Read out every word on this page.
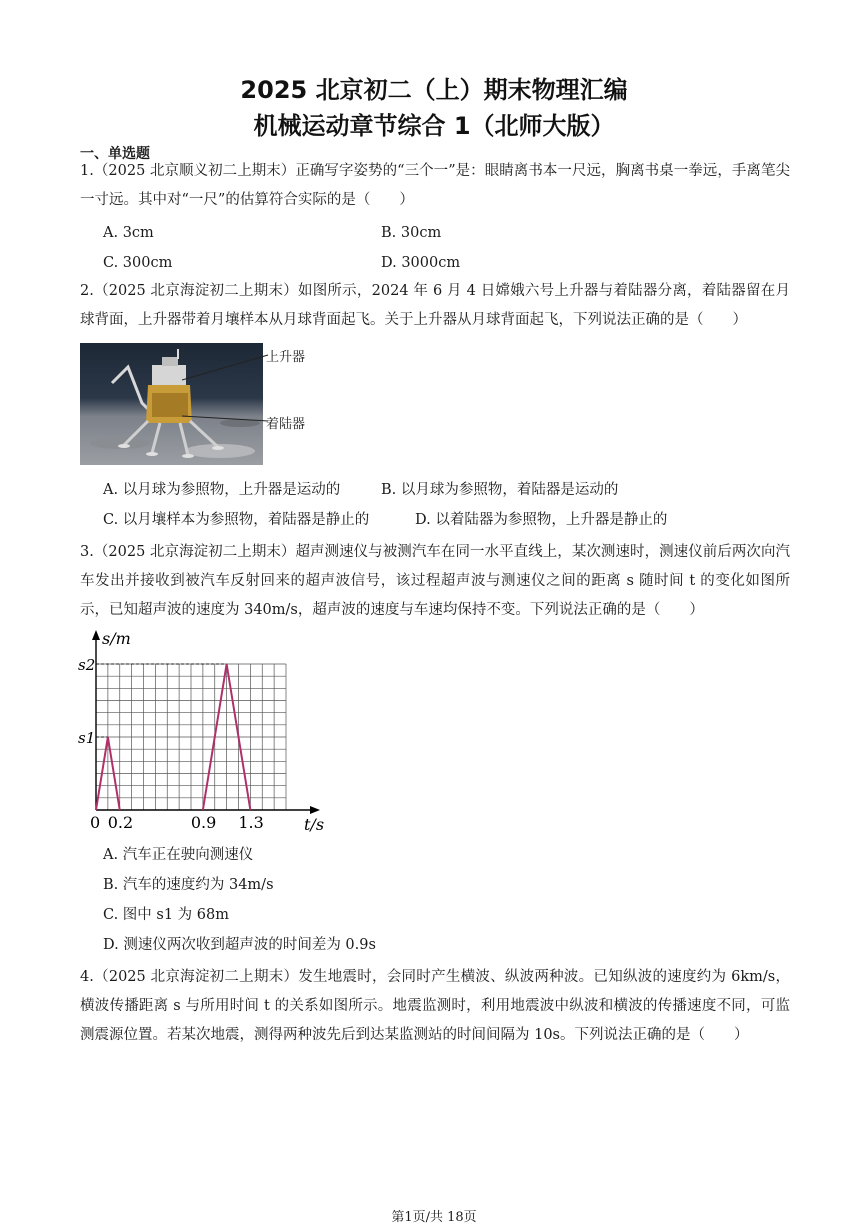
2025 北京初二（上）期末物理汇编
机械运动章节综合 1（北师大版）
一、单选题
1.（2025 北京顺义初二上期末）正确写字姿势的“三个一”是：眼睛离书本一尺远，胸离书桌一拳远，手离笔尖一寸远。其中对“一尺”的估算符合实际的是（　　）
A. 3cm	B. 30cm
C. 300cm	D. 3000cm
2.（2025 北京海淀初二上期末）如图所示，2024 年 6 月 4 日嫦娥六号上升器与着陆器分离，着陆器留在月球背面，上升器带着月壤样本从月球背面起飞。关于上升器从月球背面起飞，下列说法正确的是（　　）
上升器
着陆器
A. 以月球为参照物，上升器是运动的	B. 以月球为参照物，着陆器是运动的
C. 以月壤样本为参照物，着陆器是静止的	D. 以着陆器为参照物，上升器是静止的
3.（2025 北京海淀初二上期末）超声测速仪与被测汽车在同一水平直线上，某次测速时，测速仪前后两次向汽车发出并接收到被汽车反射回来的超声波信号，该过程超声波与测速仪之间的距离 s 随时间 t 的变化如图所示，已知超声波的速度为 340m/s，超声波的速度与车速均保持不变。下列说法正确的是（　　）
s/m
t/s
0 0.2	0.9 1.3
s1
s2
A. 汽车正在驶向测速仪
B. 汽车的速度约为 34m/s
C. 图中 s1 为 68m
D. 测速仪两次收到超声波的时间差为 0.9s
4.（2025 北京海淀初二上期末）发生地震时，会同时产生横波、纵波两种波。已知纵波的速度约为 6km/s，横波传播距离 s 与所用时间 t 的关系如图所示。地震监测时，利用地震波中纵波和横波的传播速度不同，可监测震源位置。若某次地震，测得两种波先后到达某监测站的时间间隔为 10s。下列说法正确的是（　　）
第1页/共 18页
